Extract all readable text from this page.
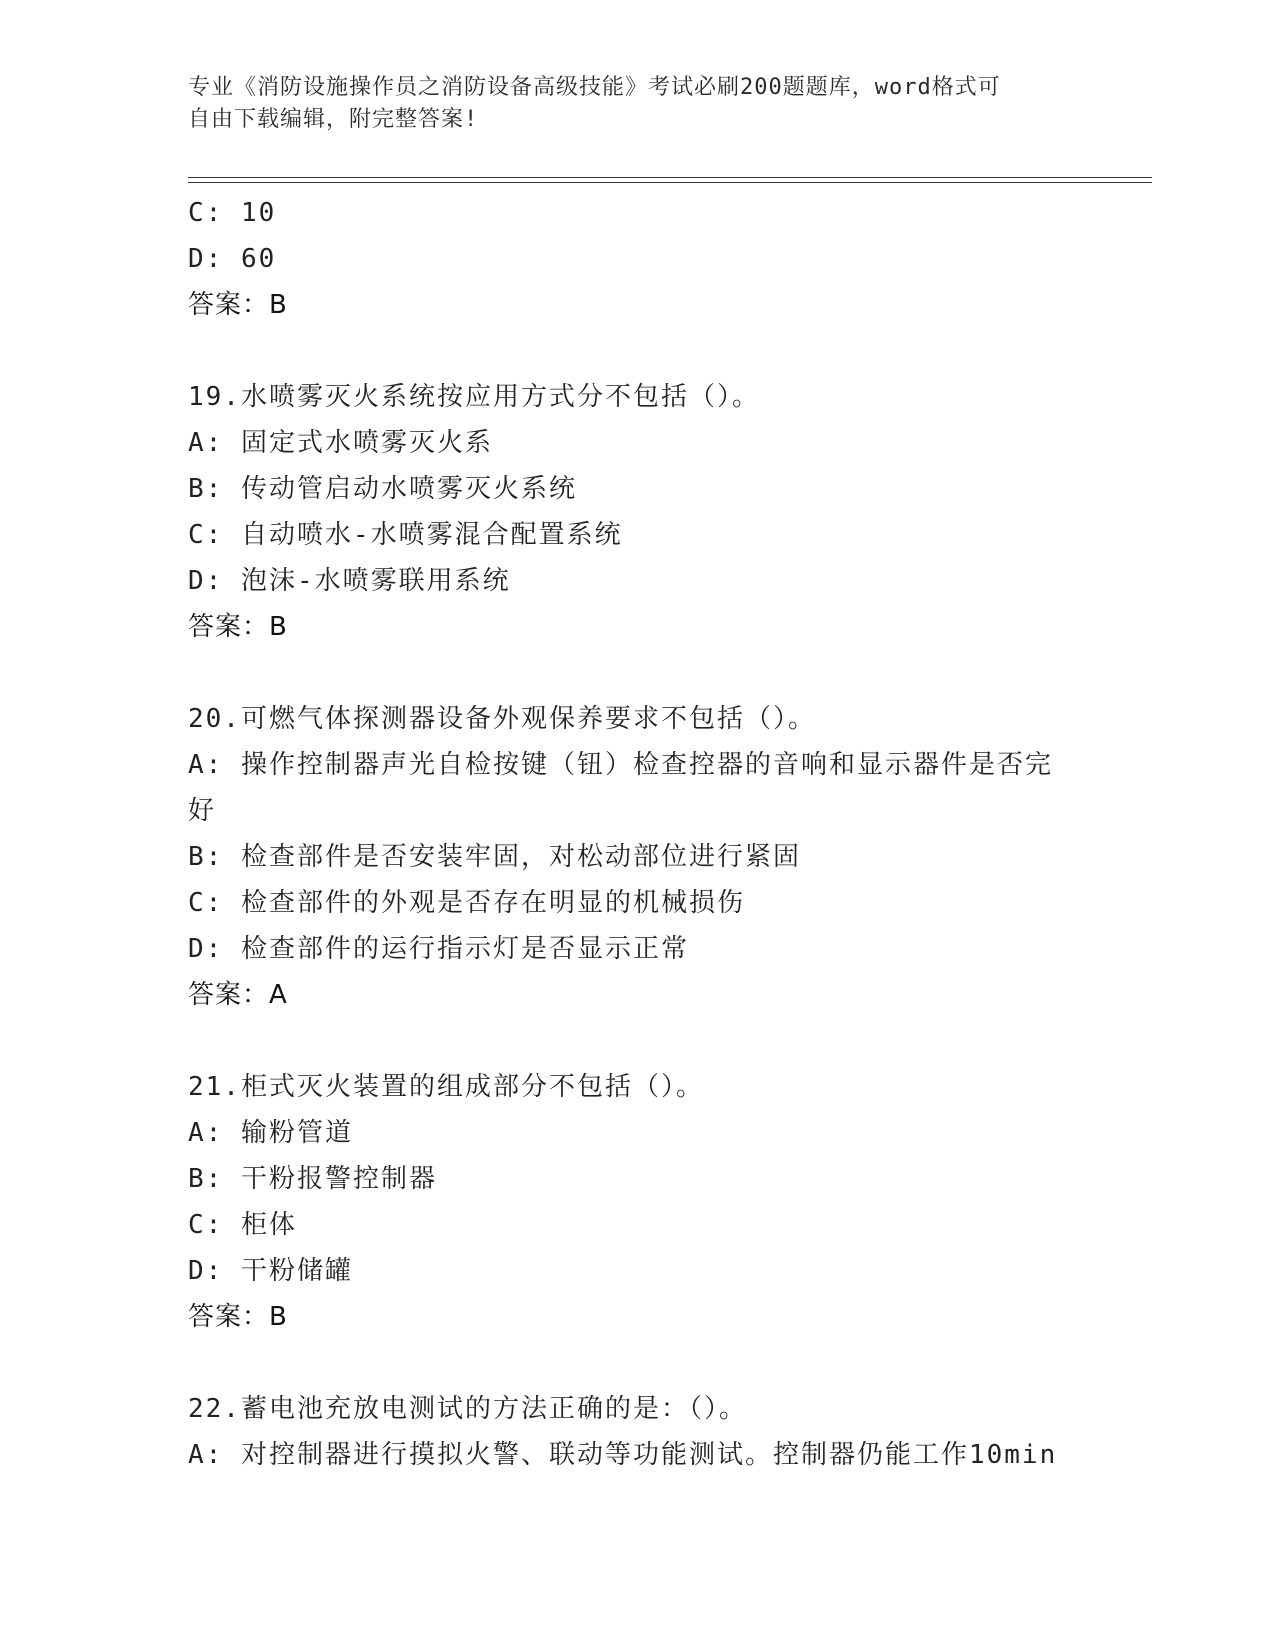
专业《消防设施操作员之消防设备高级技能》考试必刷200题题库，word格式可
自由下载编辑，附完整答案!
C: 10
D: 60
答案：B
19.水喷雾灭火系统按应用方式分不包括（）。
A: 固定式水喷雾灭火系
B: 传动管启动水喷雾灭火系统
C: 自动喷水-水喷雾混合配置系统
D: 泡沫-水喷雾联用系统
答案：B
20.可燃气体探测器设备外观保养要求不包括（）。
A: 操作控制器声光自检按键（钮）检查控器的音响和显示器件是否完
好
B: 检查部件是否安装牢固，对松动部位进行紧固
C: 检查部件的外观是否存在明显的机械损伤
D: 检查部件的运行指示灯是否显示正常
答案：A
21.柜式灭火装置的组成部分不包括（）。
A: 输粉管道
B: 干粉报警控制器
C: 柜体
D: 干粉储罐
答案：B
22.蓄电池充放电测试的方法正确的是：（）。
A: 对控制器进行摸拟火警、联动等功能测试。控制器仍能工作10min
